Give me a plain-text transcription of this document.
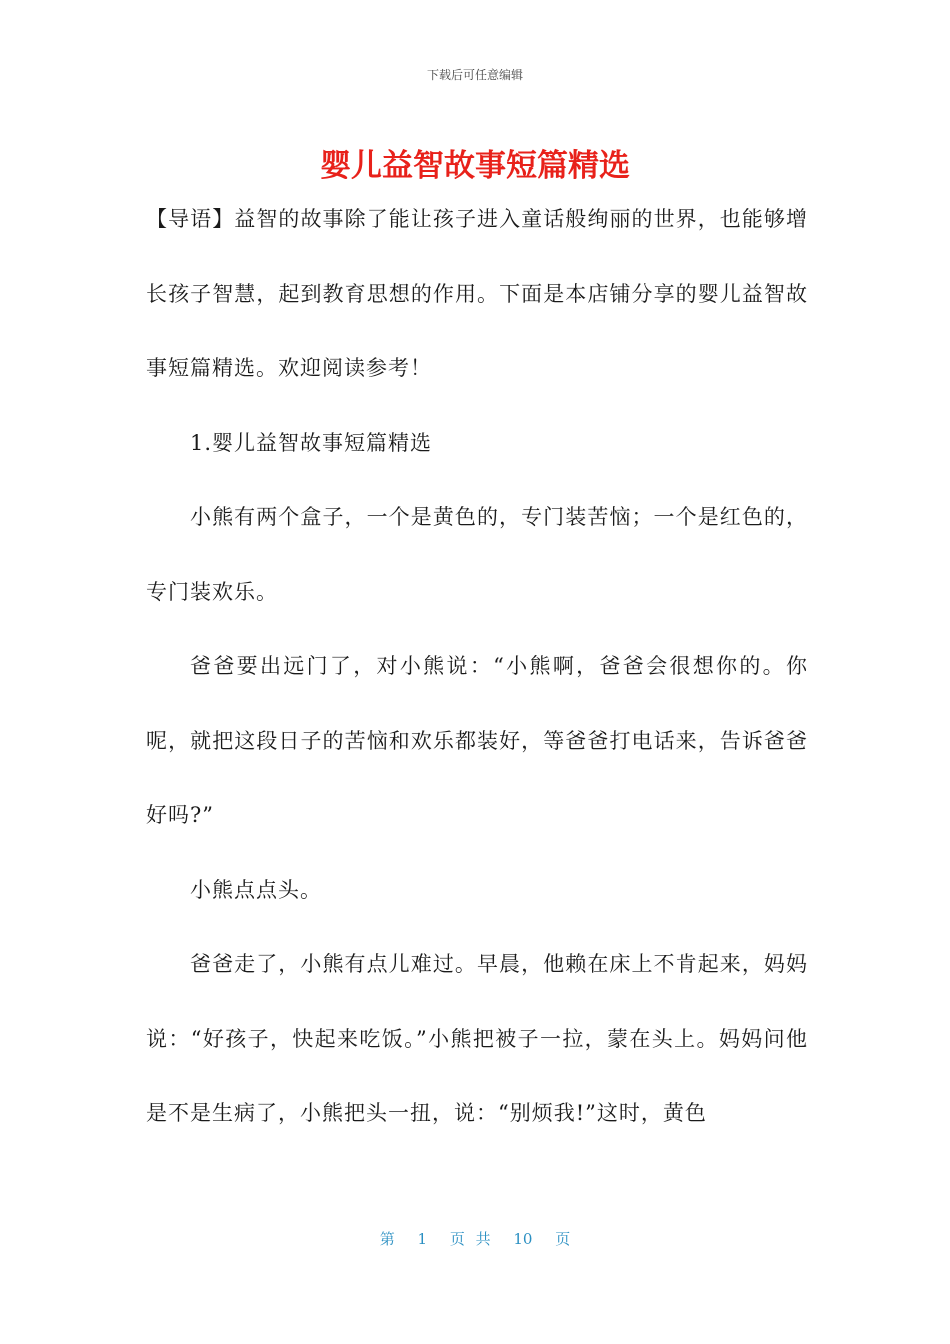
下载后可任意编辑
婴儿益智故事短篇精选

【导语】益智的故事除了能让孩子进入童话般绚丽的世界，也能够增长孩子智慧，起到教育思想的作用。下面是本店铺分享的婴儿益智故事短篇精选。欢迎阅读参考！

1.婴儿益智故事短篇精选

小熊有两个盒子，一个是黄色的，专门装苦恼；一个是红色的，专门装欢乐。

爸爸要出远门了，对小熊说：“小熊啊，爸爸会很想你的。你呢，就把这段日子的苦恼和欢乐都装好，等爸爸打电话来，告诉爸爸好吗?”

小熊点点头。

爸爸走了，小熊有点儿难过。早晨，他赖在床上不肯起来，妈妈说：“好孩子，快起来吃饭。”小熊把被子一拉，蒙在头上。妈妈问他是不是生病了，小熊把头一扭，说：“别烦我!”这时，黄色

第 1 页 共 10 页
